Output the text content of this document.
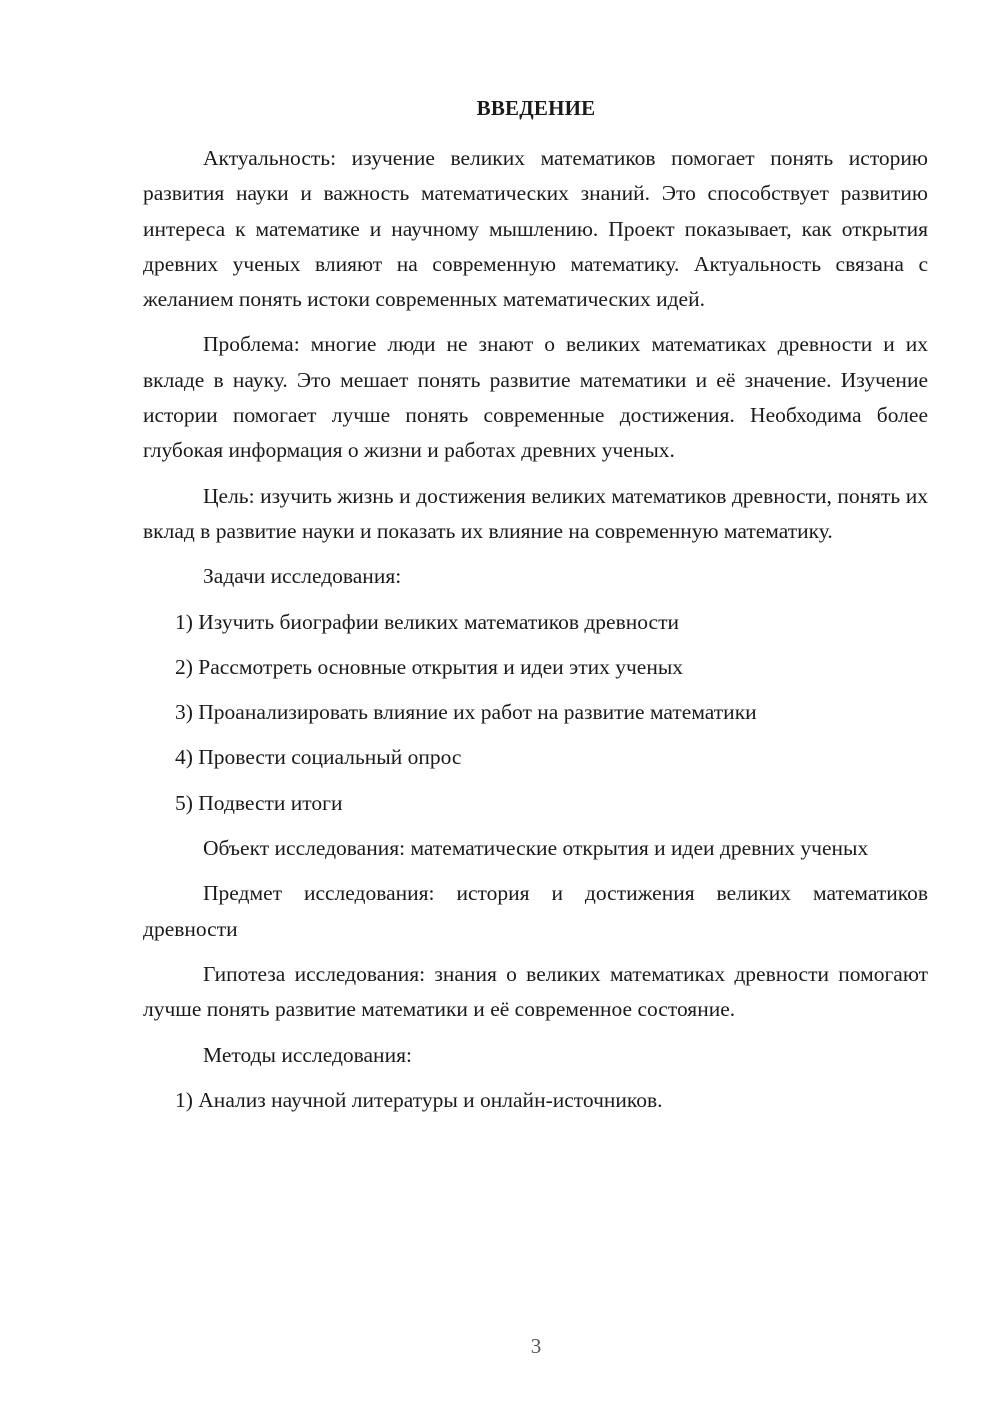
ВВЕДЕНИЕ

Актуальность: изучение великих математиков помогает понять историю развития науки и важность математических знаний. Это способствует развитию интереса к математике и научному мышлению. Проект показывает, как открытия древних ученых влияют на современную математику. Актуальность связана с желанием понять истоки современных математических идей.

Проблема: многие люди не знают о великих математиках древности и их вкладе в науку. Это мешает понять развитие математики и её значение. Изучение истории помогает лучше понять современные достижения. Необходима более глубокая информация о жизни и работах древних ученых.

Цель: изучить жизнь и достижения великих математиков древности, понять их вклад в развитие науки и показать их влияние на современную математику.

Задачи исследования:

1) Изучить биографии великих математиков древности

2) Рассмотреть основные открытия и идеи этих ученых

3) Проанализировать влияние их работ на развитие математики

4) Провести социальный опрос

5) Подвести итоги

Объект исследования: математические открытия и идеи древних ученых

Предмет исследования: история и достижения великих математиков древности

Гипотеза исследования: знания о великих математиках древности помогают лучше понять развитие математики и её современное состояние.

Методы исследования:

1) Анализ научной литературы и онлайн-источников.

3
